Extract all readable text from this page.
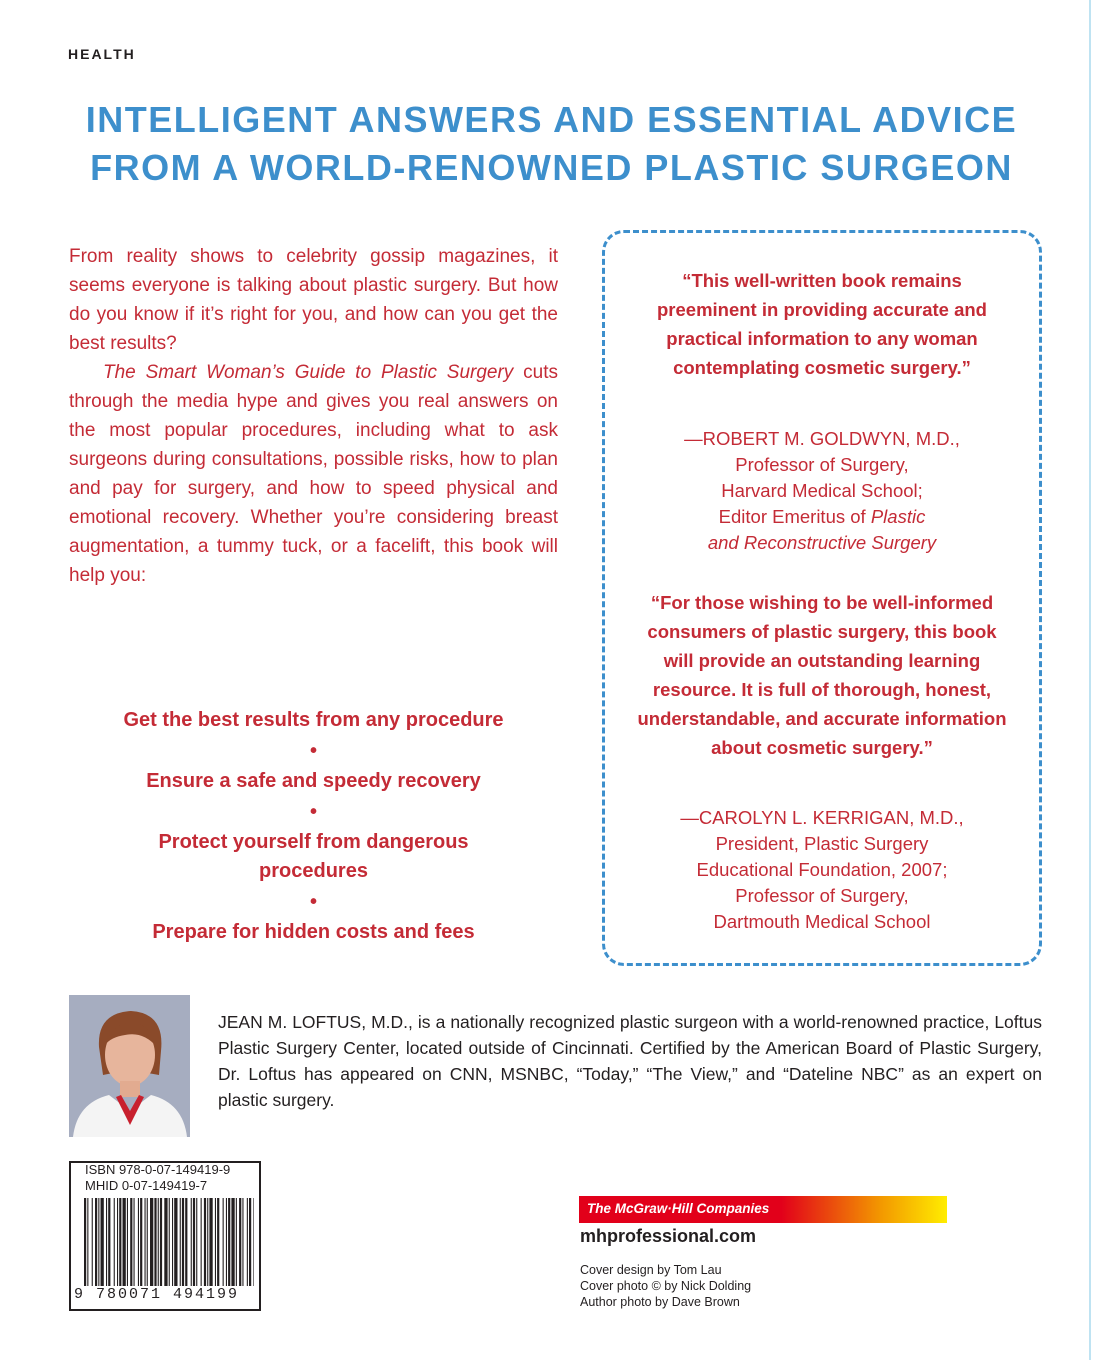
HEALTH
INTELLIGENT ANSWERS AND ESSENTIAL ADVICE
FROM A WORLD-RENOWNED PLASTIC SURGEON

From reality shows to celebrity gossip magazines, it seems everyone is talking about plastic surgery. But how do you know if it’s right for you, and how can you get the best results?

The Smart Woman’s Guide to Plastic Surgery cuts through the media hype and gives you real answers on the most popular procedures, including what to ask surgeons during consultations, possible risks, how to plan and pay for surgery, and how to speed physical and emotional recovery. Whether you’re considering breast augmentation, a tummy tuck, or a facelift, this book will help you:

Get the best results from any procedure
•
Ensure a safe and speedy recovery
•
Protect yourself from dangerous procedures
•
Prepare for hidden costs and fees
“This well-written book remains preeminent in providing accurate and practical information to any woman contemplating cosmetic surgery.”
—ROBERT M. GOLDWYN, M.D.,
Professor of Surgery,
Harvard Medical School;
Editor Emeritus of Plastic
and Reconstructive Surgery
“For those wishing to be well-informed consumers of plastic surgery, this book will provide an outstanding learning resource. It is full of thorough, honest, understandable, and accurate information about cosmetic surgery.”
—CAROLYN L. KERRIGAN, M.D.,
President, Plastic Surgery
Educational Foundation, 2007;
Professor of Surgery,
Dartmouth Medical School
JEAN M. LOFTUS, M.D., is a nationally recognized plastic surgeon with a world-renowned practice, Loftus Plastic Surgery Center, located outside of Cincinnati. Certified by the American Board of Plastic Surgery, Dr. Loftus has appeared on CNN, MSNBC, “Today,” “The View,” and “Dateline NBC” as an expert on plastic surgery.
ISBN 978-0-07-149419-9
MHID 0-07-149419-7
9 780071 494199
The McGraw·Hill Companies
mhprofessional.com
Cover design by Tom Lau
Cover photo © by Nick Dolding
Author photo by Dave Brown
